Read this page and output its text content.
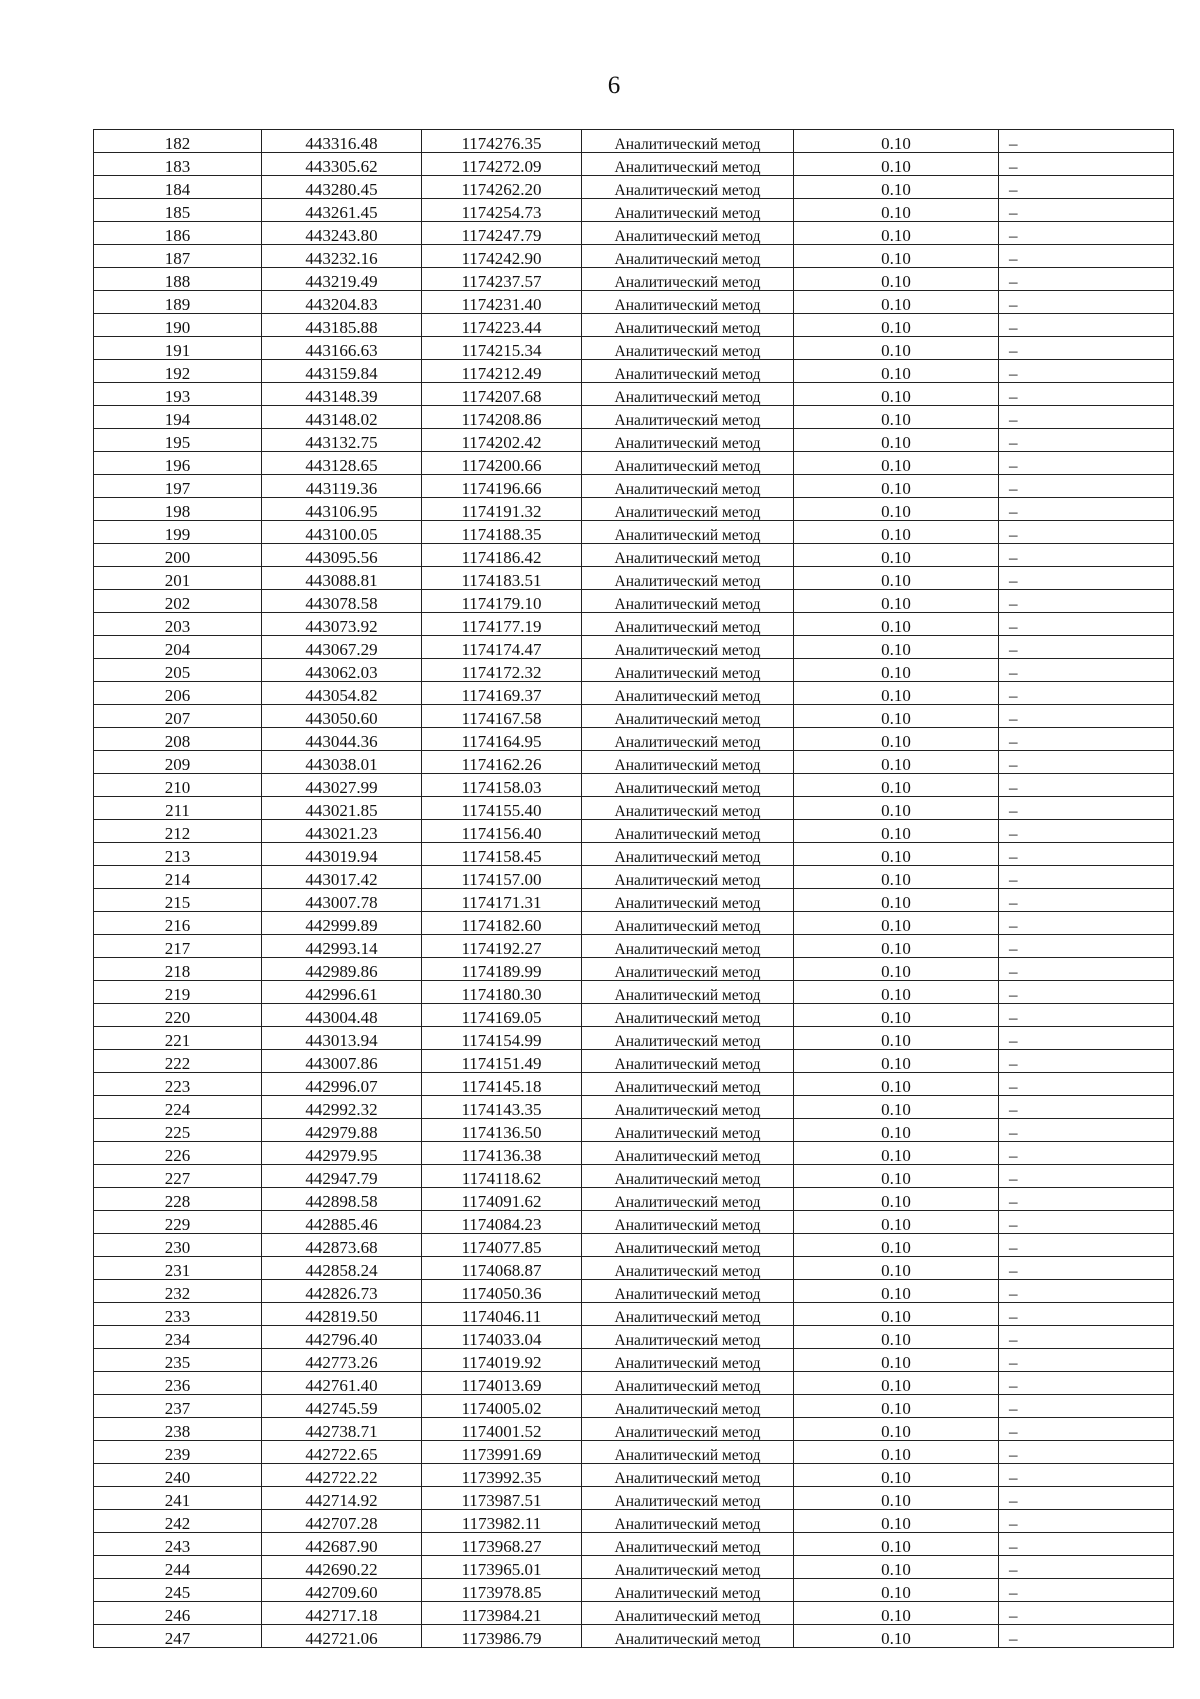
6
182	443316.48	1174276.35	Аналитический метод	0.10	–
183	443305.62	1174272.09	Аналитический метод	0.10	–
184	443280.45	1174262.20	Аналитический метод	0.10	–
185	443261.45	1174254.73	Аналитический метод	0.10	–
186	443243.80	1174247.79	Аналитический метод	0.10	–
187	443232.16	1174242.90	Аналитический метод	0.10	–
188	443219.49	1174237.57	Аналитический метод	0.10	–
189	443204.83	1174231.40	Аналитический метод	0.10	–
190	443185.88	1174223.44	Аналитический метод	0.10	–
191	443166.63	1174215.34	Аналитический метод	0.10	–
192	443159.84	1174212.49	Аналитический метод	0.10	–
193	443148.39	1174207.68	Аналитический метод	0.10	–
194	443148.02	1174208.86	Аналитический метод	0.10	–
195	443132.75	1174202.42	Аналитический метод	0.10	–
196	443128.65	1174200.66	Аналитический метод	0.10	–
197	443119.36	1174196.66	Аналитический метод	0.10	–
198	443106.95	1174191.32	Аналитический метод	0.10	–
199	443100.05	1174188.35	Аналитический метод	0.10	–
200	443095.56	1174186.42	Аналитический метод	0.10	–
201	443088.81	1174183.51	Аналитический метод	0.10	–
202	443078.58	1174179.10	Аналитический метод	0.10	–
203	443073.92	1174177.19	Аналитический метод	0.10	–
204	443067.29	1174174.47	Аналитический метод	0.10	–
205	443062.03	1174172.32	Аналитический метод	0.10	–
206	443054.82	1174169.37	Аналитический метод	0.10	–
207	443050.60	1174167.58	Аналитический метод	0.10	–
208	443044.36	1174164.95	Аналитический метод	0.10	–
209	443038.01	1174162.26	Аналитический метод	0.10	–
210	443027.99	1174158.03	Аналитический метод	0.10	–
211	443021.85	1174155.40	Аналитический метод	0.10	–
212	443021.23	1174156.40	Аналитический метод	0.10	–
213	443019.94	1174158.45	Аналитический метод	0.10	–
214	443017.42	1174157.00	Аналитический метод	0.10	–
215	443007.78	1174171.31	Аналитический метод	0.10	–
216	442999.89	1174182.60	Аналитический метод	0.10	–
217	442993.14	1174192.27	Аналитический метод	0.10	–
218	442989.86	1174189.99	Аналитический метод	0.10	–
219	442996.61	1174180.30	Аналитический метод	0.10	–
220	443004.48	1174169.05	Аналитический метод	0.10	–
221	443013.94	1174154.99	Аналитический метод	0.10	–
222	443007.86	1174151.49	Аналитический метод	0.10	–
223	442996.07	1174145.18	Аналитический метод	0.10	–
224	442992.32	1174143.35	Аналитический метод	0.10	–
225	442979.88	1174136.50	Аналитический метод	0.10	–
226	442979.95	1174136.38	Аналитический метод	0.10	–
227	442947.79	1174118.62	Аналитический метод	0.10	–
228	442898.58	1174091.62	Аналитический метод	0.10	–
229	442885.46	1174084.23	Аналитический метод	0.10	–
230	442873.68	1174077.85	Аналитический метод	0.10	–
231	442858.24	1174068.87	Аналитический метод	0.10	–
232	442826.73	1174050.36	Аналитический метод	0.10	–
233	442819.50	1174046.11	Аналитический метод	0.10	–
234	442796.40	1174033.04	Аналитический метод	0.10	–
235	442773.26	1174019.92	Аналитический метод	0.10	–
236	442761.40	1174013.69	Аналитический метод	0.10	–
237	442745.59	1174005.02	Аналитический метод	0.10	–
238	442738.71	1174001.52	Аналитический метод	0.10	–
239	442722.65	1173991.69	Аналитический метод	0.10	–
240	442722.22	1173992.35	Аналитический метод	0.10	–
241	442714.92	1173987.51	Аналитический метод	0.10	–
242	442707.28	1173982.11	Аналитический метод	0.10	–
243	442687.90	1173968.27	Аналитический метод	0.10	–
244	442690.22	1173965.01	Аналитический метод	0.10	–
245	442709.60	1173978.85	Аналитический метод	0.10	–
246	442717.18	1173984.21	Аналитический метод	0.10	–
247	442721.06	1173986.79	Аналитический метод	0.10	–
